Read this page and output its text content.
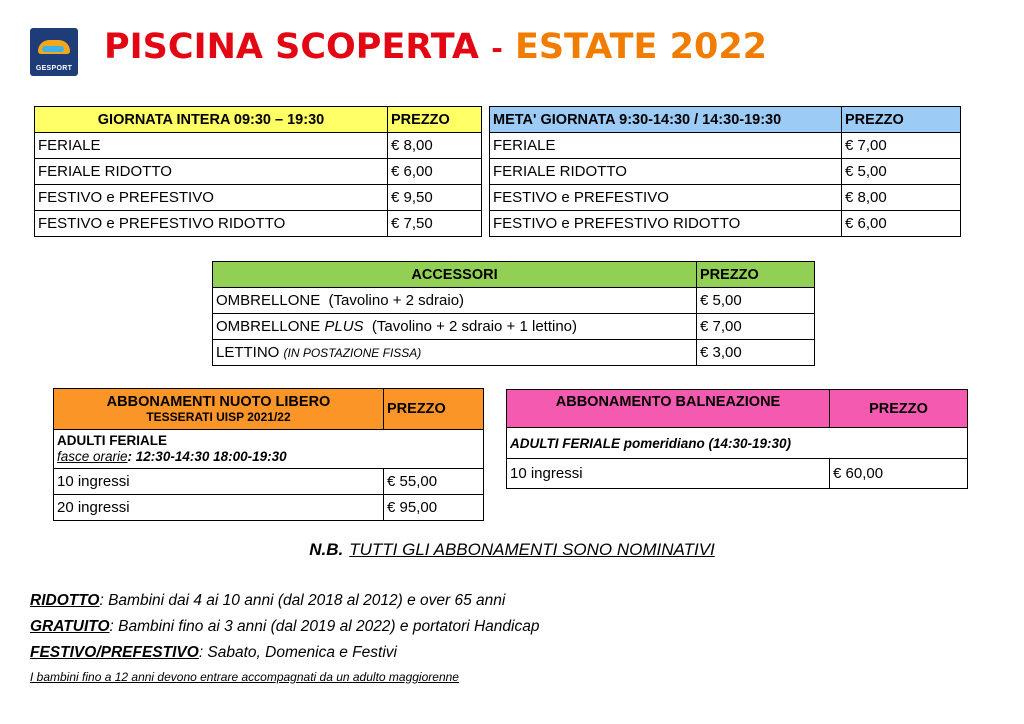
GESPORT
PISCINA SCOPERTA - ESTATE 2022
GIORNATA INTERA 09:30 – 19:30	PREZZO
FERIALE	€ 8,00
FERIALE RIDOTTO	€ 6,00
FESTIVO e PREFESTIVO	€ 9,50
FESTIVO e PREFESTIVO RIDOTTO	€ 7,50
META' GIORNATA 9:30-14:30 / 14:30-19:30	PREZZO
FERIALE	€ 7,00
FERIALE RIDOTTO	€ 5,00
FESTIVO e PREFESTIVO	€ 8,00
FESTIVO e PREFESTIVO RIDOTTO	€ 6,00
ACCESSORI	PREZZO
OMBRELLONE (Tavolino + 2 sdraio)	€ 5,00
OMBRELLONE PLUS (Tavolino + 2 sdraio + 1 lettino)	€ 7,00
LETTINO (IN POSTAZIONE FISSA)	€ 3,00
ABBONAMENTI NUOTO LIBERO
TESSERATI UISP 2021/22	PREZZO

ADULTI FERIALE
fasce orarie: 12:30-14:30 18:00-19:30	

10 ingressi	€ 55,00
20 ingressi	€ 95,00
ABBONAMENTO BALNEAZIONE	PREZZO
ADULTI FERIALE pomeridiano (14:30-19:30)	
10 ingressi	€ 60,00
N.B. TUTTI GLI ABBONAMENTI SONO NOMINATIVI

RIDOTTO: Bambini dai 4 ai 10 anni (dal 2018 al 2012) e over 65 anni

GRATUITO: Bambini fino ai 3 anni (dal 2019 al 2022) e portatori Handicap

FESTIVO/PREFESTIVO: Sabato, Domenica e Festivi

I bambini fino a 12 anni devono entrare accompagnati da un adulto maggiorenne
